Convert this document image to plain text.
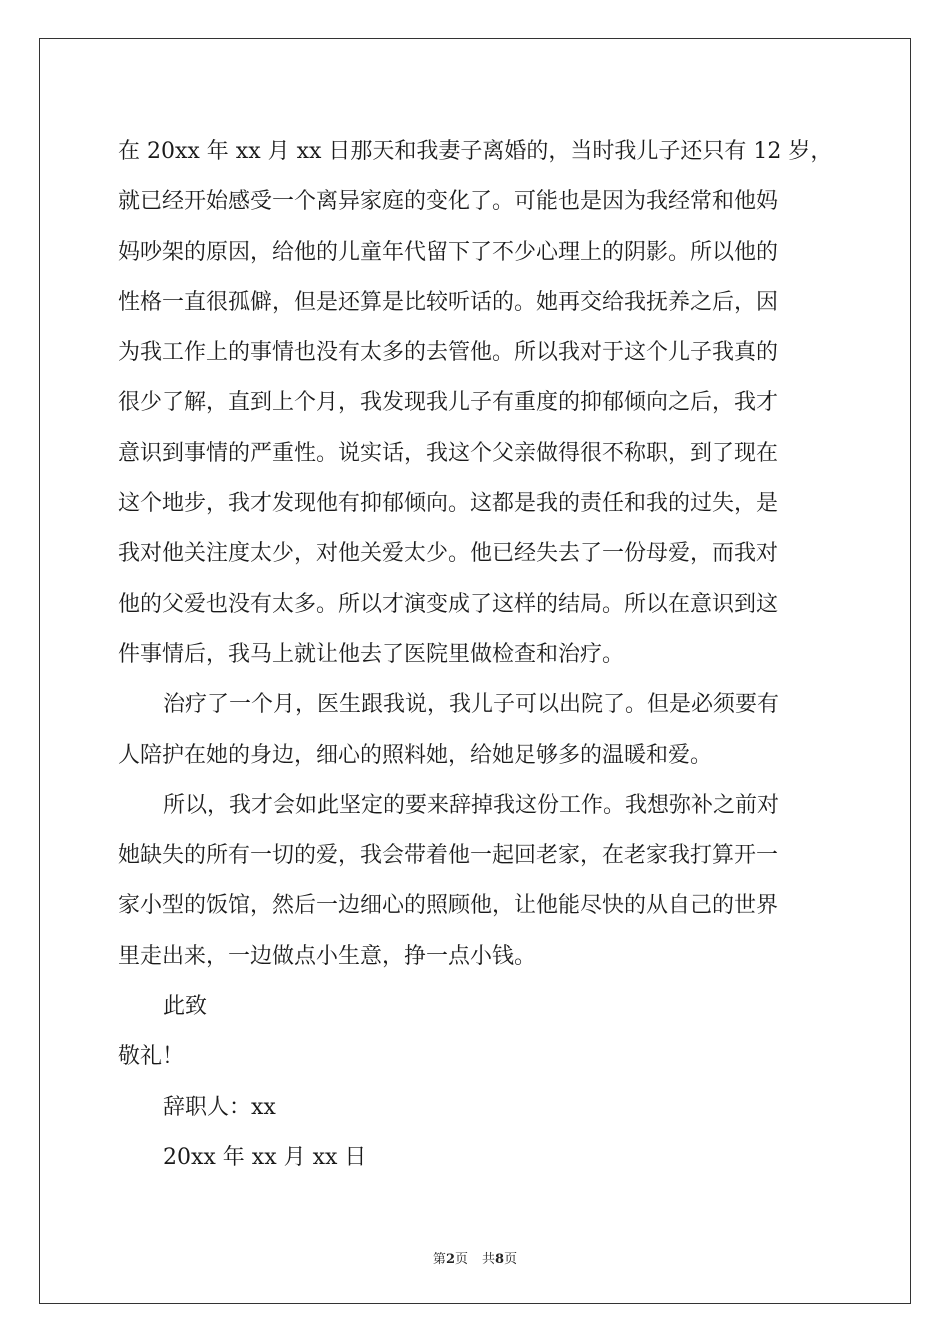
在 20xx 年 xx 月 xx 日那天和我妻子离婚的，当时我儿子还只有 12 岁，
就已经开始感受一个离异家庭的变化了。可能也是因为我经常和他妈
妈吵架的原因，给他的儿童年代留下了不少心理上的阴影。所以他的
性格一直很孤僻，但是还算是比较听话的。她再交给我抚养之后，因
为我工作上的事情也没有太多的去管他。所以我对于这个儿子我真的
很少了解，直到上个月，我发现我儿子有重度的抑郁倾向之后，我才
意识到事情的严重性。说实话，我这个父亲做得很不称职，到了现在
这个地步，我才发现他有抑郁倾向。这都是我的责任和我的过失，是
我对他关注度太少，对他关爱太少。他已经失去了一份母爱，而我对
他的父爱也没有太多。所以才演变成了这样的结局。所以在意识到这
件事情后，我马上就让他去了医院里做检查和治疗。
治疗了一个月，医生跟我说，我儿子可以出院了。但是必须要有
人陪护在她的身边，细心的照料她，给她足够多的温暖和爱。
所以，我才会如此坚定的要来辞掉我这份工作。我想弥补之前对
她缺失的所有一切的爱，我会带着他一起回老家，在老家我打算开一
家小型的饭馆，然后一边细心的照顾他，让他能尽快的从自己的世界
里走出来，一边做点小生意，挣一点小钱。
此致
敬礼！
辞职人：xx
20xx 年 xx 月 xx 日
第2页 共8页
